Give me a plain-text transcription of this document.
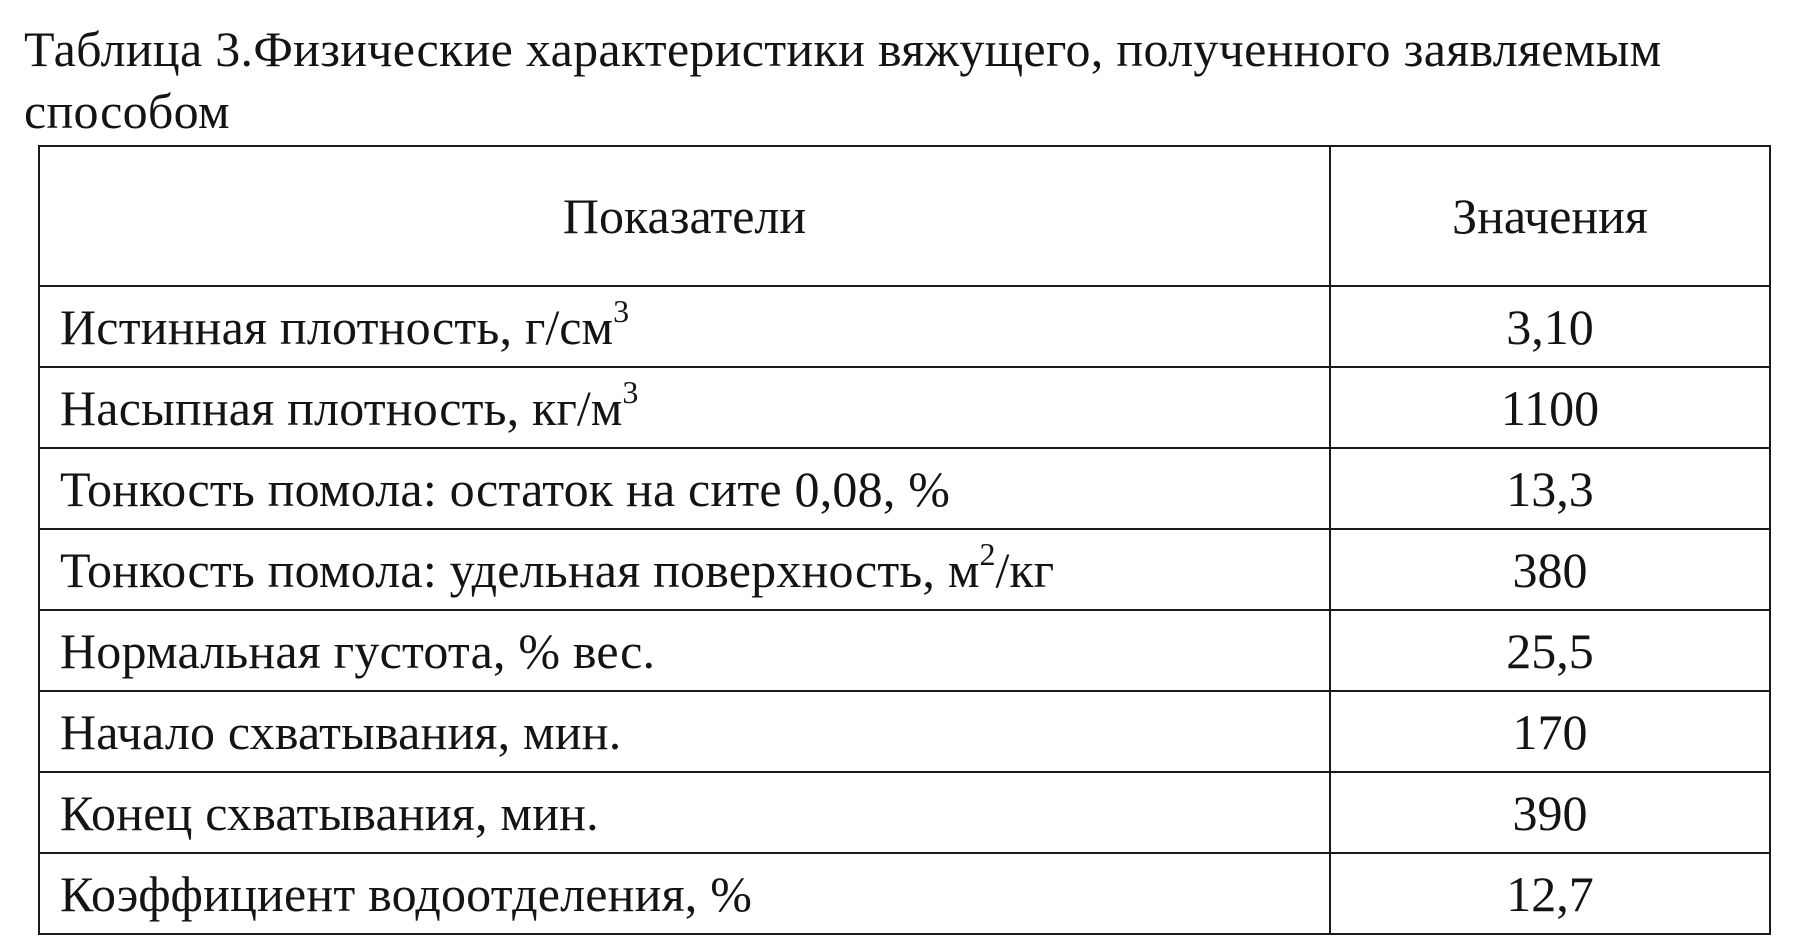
Таблица 3.Физические характеристики вяжущего, полученного заявляемым способом
Показатели	Значения
Истинная плотность, $г/см^3$	3,10
Насыпная плотность, $кг/м^3$	1100
Тонкость помола: остаток на сите 0,08, %	13,3
Тонкость помола: удельная поверхность, $м^2/кг$	380
Нормальная густота, % вес.	25,5
Начало схватывания, мин.	170
Конец схватывания, мин.	390
Коэффициент водоотделения, %	12,7
